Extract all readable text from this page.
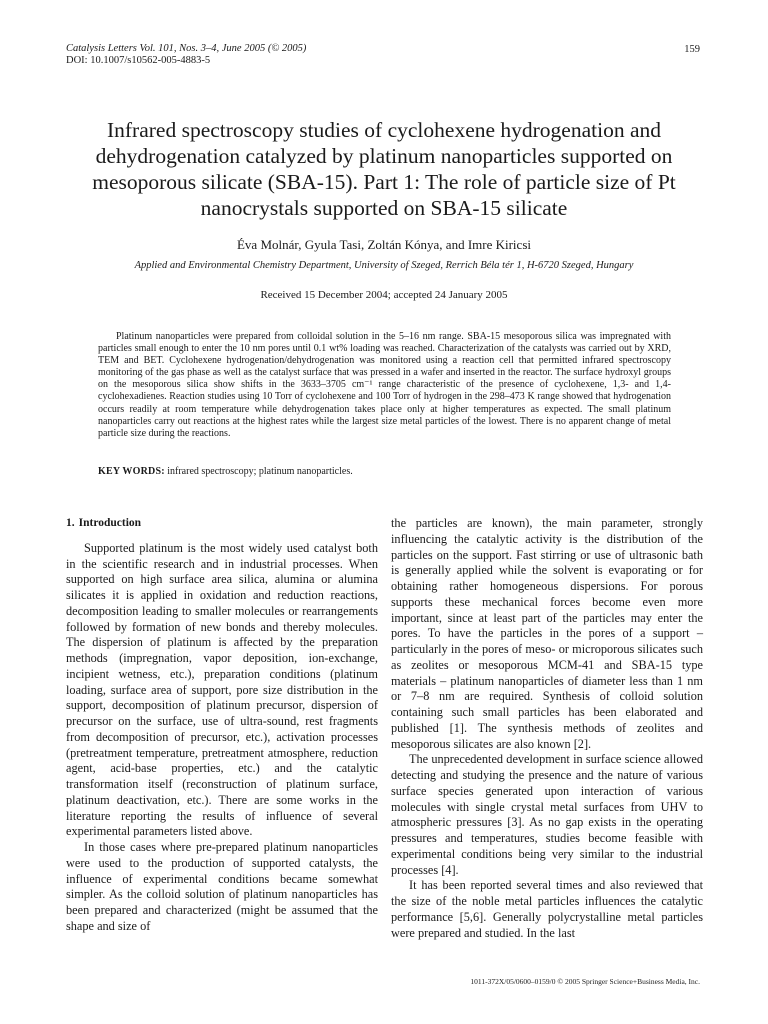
Catalysis Letters Vol. 101, Nos. 3–4, June 2005 (© 2005)
DOI: 10.1007/s10562-005-4883-5
159
Infrared spectroscopy studies of cyclohexene hydrogenation and dehydrogenation catalyzed by platinum nanoparticles supported on mesoporous silicate (SBA-15). Part 1: The role of particle size of Pt nanocrystals supported on SBA-15 silicate
Éva Molnár, Gyula Tasi, Zoltán Kónya, and Imre Kiricsi
Applied and Environmental Chemistry Department, University of Szeged, Rerrich Béla tér 1, H-6720 Szeged, Hungary
Received 15 December 2004; accepted 24 January 2005

Platinum nanoparticles were prepared from colloidal solution in the 5–16 nm range. SBA-15 mesoporous silica was impregnated with particles small enough to enter the 10 nm pores until 0.1 wt% loading was reached. Characterization of the catalysts was carried out by XRD, TEM and BET. Cyclohexene hydrogenation/dehydrogenation was monitored using a reaction cell that permitted infrared spectroscopy monitoring of the gas phase as well as the catalyst surface that was pressed in a wafer and inserted in the reactor. The surface hydroxyl groups on the mesoporous silica show shifts in the 3633–3705 cm⁻¹ range characteristic of the presence of cyclohexene, 1,3- and 1,4-cyclohexadienes. Reaction studies using 10 Torr of cyclohexene and 100 Torr of hydrogen in the 298–473 K range showed that hydrogenation occurs readily at room temperature while dehydrogenation takes place only at higher temperatures as expected. The small platinum nanoparticles carry out reactions at the highest rates while the largest size metal particles of the lowest. There is no apparent change of metal particle size during the reactions.

KEY WORDS: infrared spectroscopy; platinum nanoparticles.
1. Introduction

Supported platinum is the most widely used catalyst both in the scientific research and in industrial processes. When supported on high surface area silica, alumina or alumina silicates it is applied in oxidation and reduction reactions, decomposition leading to smaller molecules or rearrangements followed by formation of new bonds and thereby molecules. The dispersion of platinum is affected by the preparation methods (impregnation, vapor deposition, ion-exchange, incipient wetness, etc.), preparation conditions (platinum loading, surface area of support, pore size distribution in the support, decomposition of platinum precursor, dispersion of precursor on the surface, use of ultra-sound, rest fragments from decomposition of precursor, etc.), activation processes (pretreatment temperature, pretreatment atmosphere, reduction agent, acid-base properties, etc.) and the catalytic transformation itself (reconstruction of platinum surface, platinum deactivation, etc.). There are some works in the literature reporting the results of influence of several experimental parameters listed above.

In those cases where pre-prepared platinum nanoparticles were used to the production of supported catalysts, the influence of experimental conditions became somewhat simpler. As the colloid solution of platinum nanoparticles has been prepared and characterized (might be assumed that the shape and size of

the particles are known), the main parameter, strongly influencing the catalytic activity is the distribution of the particles on the support. Fast stirring or use of ultrasonic bath is generally applied while the solvent is evaporating or for obtaining rather homogeneous dispersions. For porous supports these mechanical forces become even more important, since at least part of the particles may enter the pores. To have the particles in the pores of a support – particularly in the pores of meso- or microporous silicates such as zeolites or mesoporous MCM-41 and SBA-15 type materials – platinum nanoparticles of diameter less than 1 nm or 7–8 nm are required. Synthesis of colloid solution containing such small particles has been elaborated and published [1]. The synthesis methods of zeolites and mesoporous silicates are also known [2].

The unprecedented development in surface science allowed detecting and studying the presence and the nature of various surface species generated upon interaction of various molecules with single crystal metal surfaces from UHV to atmospheric pressures [3]. As no gap exists in the operating pressures and temperatures, studies become feasible with experimental conditions being very similar to the industrial processes [4].

It has been reported several times and also reviewed that the size of the noble metal particles influences the catalytic performance [5,6]. Generally polycrystalline metal particles were prepared and studied. In the last

1011-372X/05/0600–0159/0 © 2005 Springer Science+Business Media, Inc.
